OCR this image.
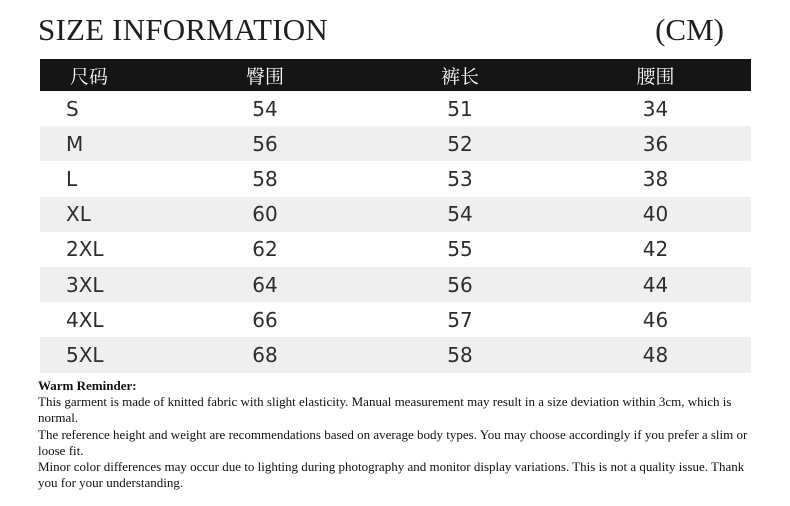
SIZE INFORMATION	(CM)
尺码	臀围	裤长	腰围
S	54	51	34
M	56	52	36
L	58	53	38
XL	60	54	40
2XL	62	55	42
3XL	64	56	44
4XL	66	57	46
5XL	68	58	48
Warm Reminder:
This garment is made of knitted fabric with slight elasticity. Manual measurement may result in a size deviation within 3cm, which is normal.
The reference height and weight are recommendations based on average body types. You may choose accordingly if you prefer a slim or loose fit.
Minor color differences may occur due to lighting during photography and monitor display variations. This is not a quality issue. Thank you for your understanding.
